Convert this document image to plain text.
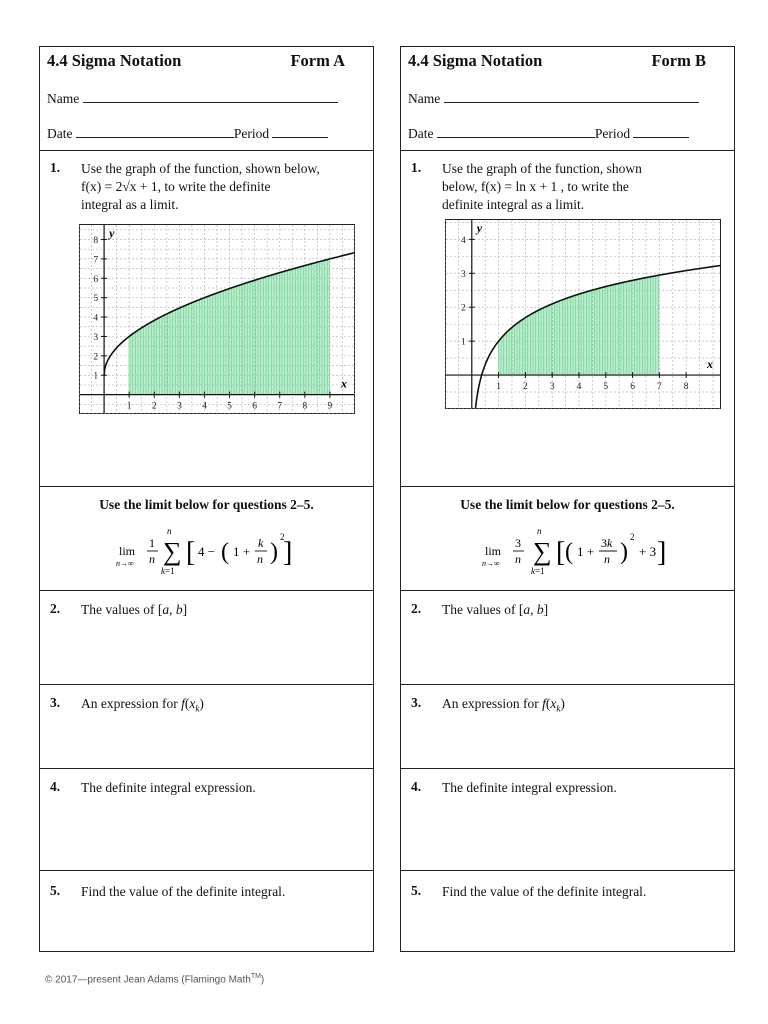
4.4 Sigma Notation	Form A
Name
Date	Period
1. Use the graph of the function, shown below,
f(x) = 2√x + 1, to write the definite
integral as a limit.
1 2 3 4 5 6 7 8 9
1
2
3
4
5
6
7
8
x
y
Use the limit below for questions 2–5.
lim
n→∞
1
n
n
∑
k=1
[ 4 − ( 1 +
k
n )
2
]
2. The values of [a, b]
3. An expression for $f(x_k)$
4. The definite integral expression.
5. Find the value of the definite integral.
4.4 Sigma Notation	Form B
Name
Date	Period
1. Use the graph of the function, shown
below, f(x) = ln x + 1 , to write the
definite integral as a limit.
1 2 3 4 5 6 7 8
1
2
3
4
x
y
Use the limit below for questions 2–5.
lim
n→∞
3
n
n
∑
k=1
[ ( 1 +
3k
n )
2
+ 3 ]
2. The values of [a, b]
3. An expression for $f(x_k)$
4. The definite integral expression.
5. Find the value of the definite integral.
© 2017—present Jean Adams (Flamingo Math™)
